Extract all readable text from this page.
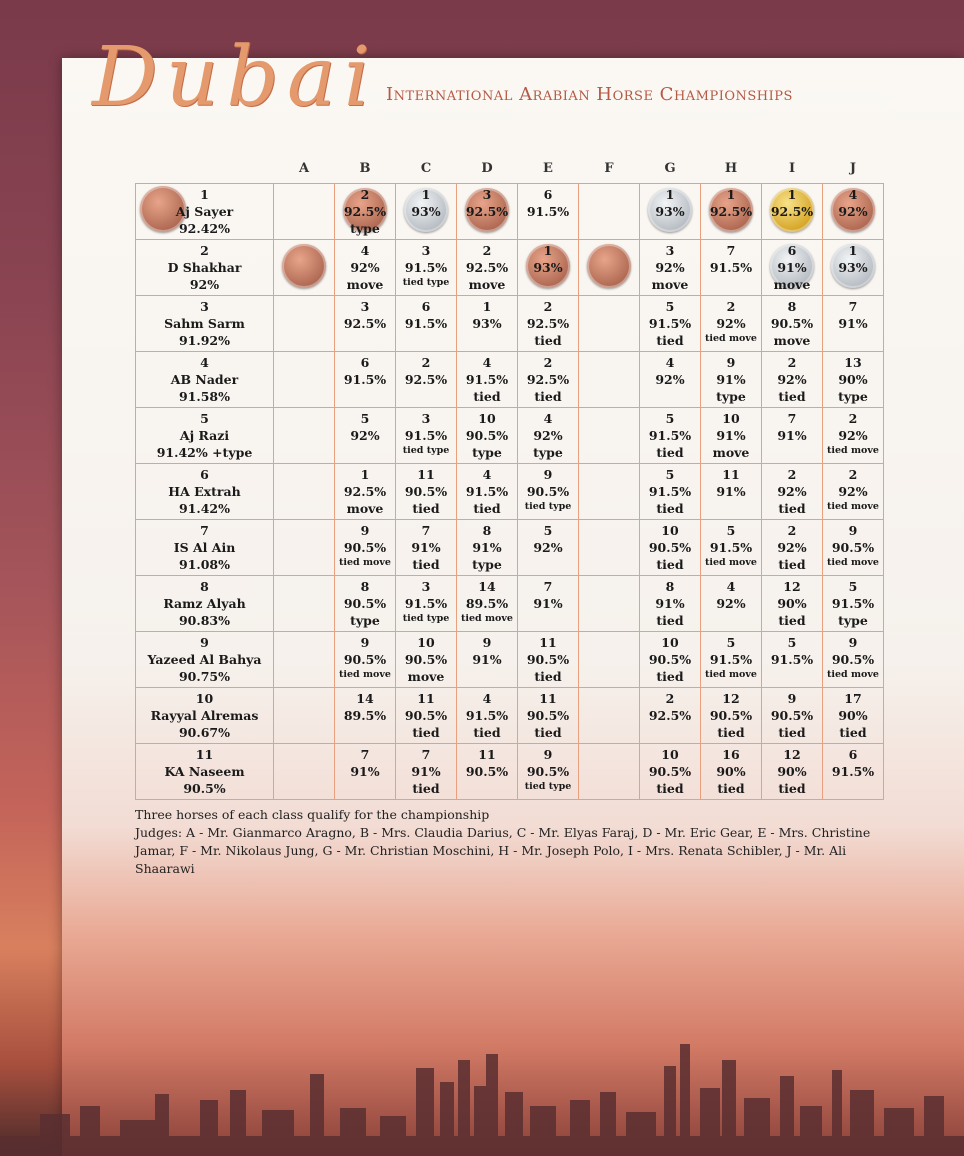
Dubai International Arabian Horse Championships
	A	B	C	D	E	F	G	H	I	J

1
Aj Sayer
92.42%		2
92.5%
type	1
93%	3
92.5%	6
91.5%		1
93%	1
92.5%	1
92.5%	4
92%

2
D Shakhar
92%		4
92%
move	3
91.5%
tied type	2
92.5%
move	1
93%		3
92%
move	7
91.5%	6
91%
move	1
93%

3
Sahm Sarm
91.92%		3
92.5%	6
91.5%	1
93%	2
92.5%
tied		5
91.5%
tied	2
92%
tied move	8
90.5%
move	7
91%

4
AB Nader
91.58%		6
91.5%	2
92.5%	4
91.5%
tied	2
92.5%
tied		4
92%	9
91%
type	2
92%
tied	13
90%
type

5
Aj Razi
91.42% +type		5
92%	3
91.5%
tied type	10
90.5%
type	4
92%
type		5
91.5%
tied	10
91%
move	7
91%	2
92%
tied move

6
HA Extrah
91.42%		1
92.5%
move	11
90.5%
tied	4
91.5%
tied	9
90.5%
tied type		5
91.5%
tied	11
91%	2
92%
tied	2
92%
tied move

7
IS Al Ain
91.08%		9
90.5%
tied move	7
91%
tied	8
91%
type	5
92%		10
90.5%
tied	5
91.5%
tied move	2
92%
tied	9
90.5%
tied move

8
Ramz Alyah
90.83%		8
90.5%
type	3
91.5%
tied type	14
89.5%
tied move	7
91%		8
91%
tied	4
92%	12
90%
tied	5
91.5%
type

9
Yazeed Al Bahya
90.75%		9
90.5%
tied move	10
90.5%
move	9
91%	11
90.5%
tied		10
90.5%
tied	5
91.5%
tied move	5
91.5%	9
90.5%
tied move

10
Rayyal Alremas
90.67%		14
89.5%	11
90.5%
tied	4
91.5%
tied	11
90.5%
tied		2
92.5%	12
90.5%
tied	9
90.5%
tied	17
90%
tied

11
KA Naseem
90.5%		7
91%	7
91%
tied	11
90.5%	9
90.5%
tied type		10
90.5%
tied	16
90%
tied	12
90%
tied	6
91.5%
Three horses of each class qualify for the championship
Judges: A - Mr. Gianmarco Aragno, B - Mrs. Claudia Darius, C - Mr. Elyas Faraj, D - Mr. Eric Gear, E - Mrs. Christine Jamar, F - Mr. Nikolaus Jung, G - Mr. Christian Moschini, H - Mr. Joseph Polo, I - Mrs. Renata Schibler, J - Mr. Ali Shaarawi
